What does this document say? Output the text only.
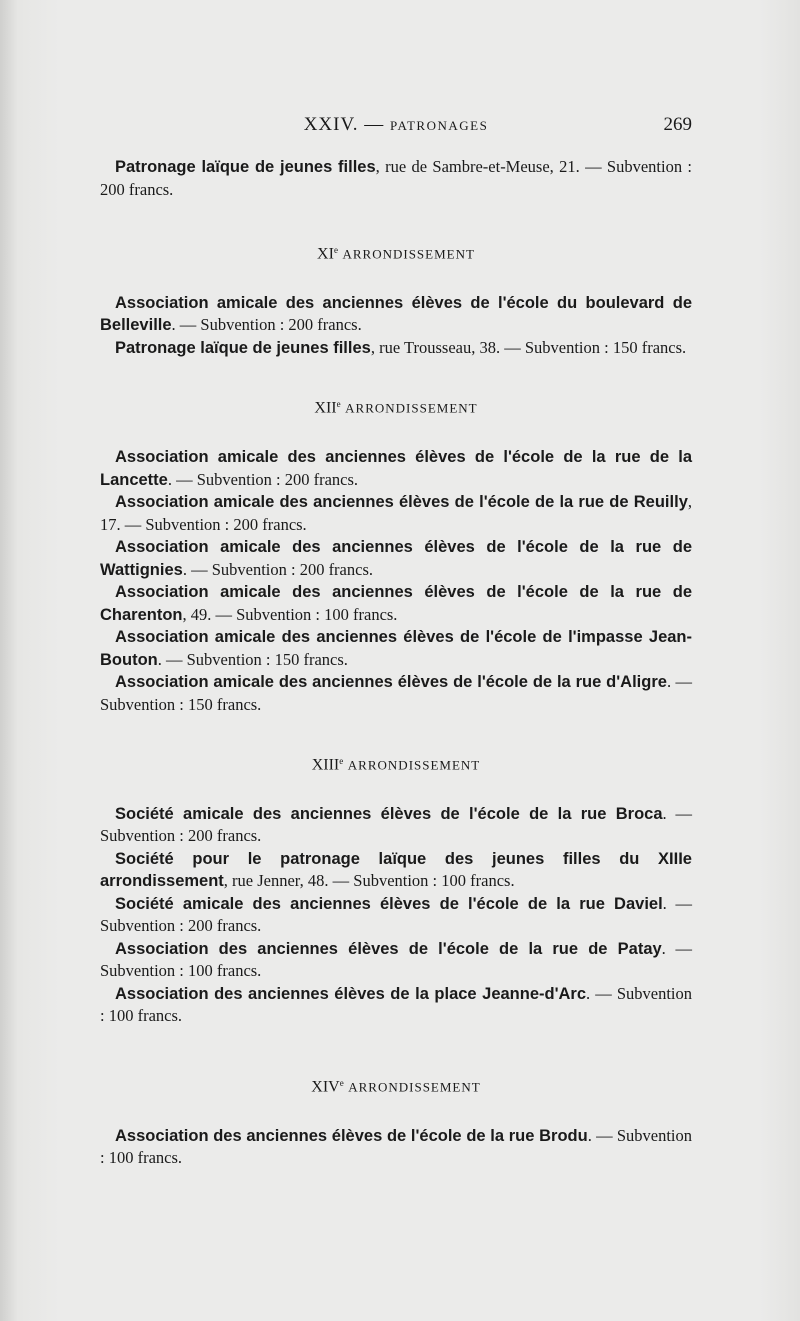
XXIV. — PATRONAGES	269

Patronage laïque de jeunes filles, rue de Sambre-et-Meuse, 21. — Subvention : 200 francs.

XIe ARRONDISSEMENT

Association amicale des anciennes élèves de l'école du boulevard de Belleville. — Subvention : 200 francs.

Patronage laïque de jeunes filles, rue Trousseau, 38. — Subvention : 150 francs.

XIIe ARRONDISSEMENT

Association amicale des anciennes élèves de l'école de la rue de la Lancette. — Subvention : 200 francs.

Association amicale des anciennes élèves de l'école de la rue de Reuilly, 17. — Subvention : 200 francs.

Association amicale des anciennes élèves de l'école de la rue de Wattignies. — Subvention : 200 francs.

Association amicale des anciennes élèves de l'école de la rue de Charenton, 49. — Subvention : 100 francs.

Association amicale des anciennes élèves de l'école de l'impasse Jean-Bouton. — Subvention : 150 francs.

Association amicale des anciennes élèves de l'école de la rue d'Aligre. — Subvention : 150 francs.

XIIIe ARRONDISSEMENT

Société amicale des anciennes élèves de l'école de la rue Broca. — Subvention : 200 francs.

Société pour le patronage laïque des jeunes filles du XIIIe arrondissement, rue Jenner, 48. — Subvention : 100 francs.

Société amicale des anciennes élèves de l'école de la rue Daviel. — Subvention : 200 francs.

Association des anciennes élèves de l'école de la rue de Patay. — Subvention : 100 francs.

Association des anciennes élèves de la place Jeanne-d'Arc. — Subvention : 100 francs.

XIVe ARRONDISSEMENT

Association des anciennes élèves de l'école de la rue Brodu. — Subvention : 100 francs.
